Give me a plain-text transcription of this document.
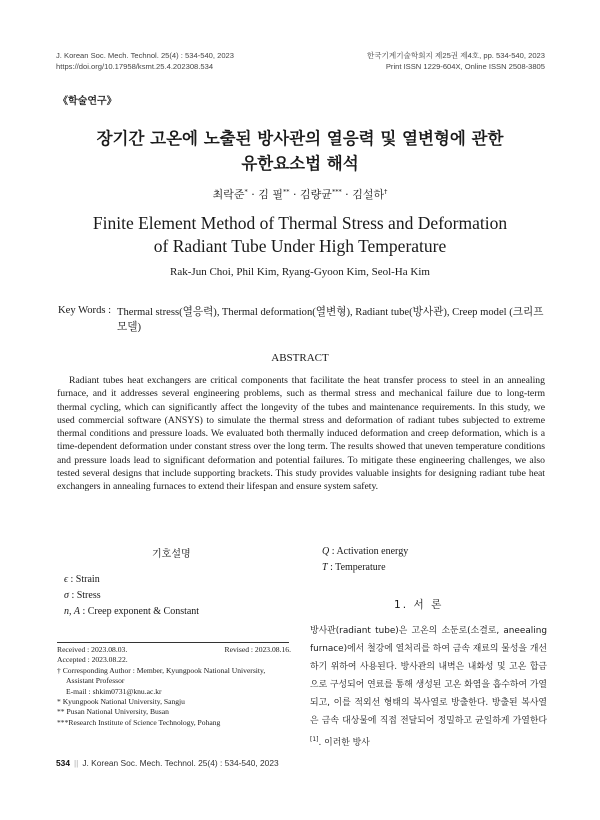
J. Korean Soc. Mech. Technol. 25(4) : 534-540, 2023
https://doi.org/10.17958/ksmt.25.4.202308.534
한국기계기술학회지 제25권 제4호, pp. 534-540, 2023
Print ISSN 1229-604X, Online ISSN 2508-3805
《학술연구》
장기간 고온에 노출된 방사관의 열응력 및 열변형에 관한
유한요소법 해석
최락준* · 김 필** · 김량균*** · 김설하†
Finite Element Method of Thermal Stress and Deformation
of Radiant Tube Under High Temperature
Rak-Jun Choi, Phil Kim, Ryang-Gyoon Kim, Seol-Ha Kim
Key Words : Thermal stress(열응력), Thermal deformation(열변형), Radiant tube(방사관), Creep model (크리프모델)
ABSTRACT
Radiant tubes heat exchangers are critical components that facilitate the heat transfer process to steel in an annealing furnace, and it addresses several engineering problems, such as thermal stress and mechanical failure due to long-term thermal cycling, which can significantly affect the longevity of the tubes and maintenance requirements. In this study, we used commercial software (ANSYS) to simulate the thermal stress and deformation of radiant tubes subjected to extreme thermal conditions and pressure loads. We evaluated both thermally induced deformation and creep deformation, which is a time-dependent deformation under constant stress over the long term. The results showed that uneven temperature conditions and pressure loads lead to significant deformation and potential failures. To mitigate these engineering challenges, we also tested several designs that include supporting brackets. This study provides valuable insights for designing radiant tube heat exchangers in annealing furnaces to extend their lifespan and ensure system safety.
기호설명
ϵ : Strain
σ : Stress
n, A : Creep exponent & Constant
Q : Activation energy
T : Temperature
Received : 2023.08.03.	Revised : 2023.08.16.
Accepted : 2023.08.22.
† Corresponding Author : Member, Kyungpook National University,
Assistant Professor
E-mail : shkim0731@knu.ac.kr
* Kyungpook National University, Sangju
** Pusan National University, Busan
***Research Institute of Science Technology, Pohang
1. 서 론
방사관(radiant tube)은 고온의 소둔로(소결로, aneealing furnace)에서 철강에 열처리를 하여 금속 재료의 물성을 개선하기 위하여 사용된다. 방사관의 내벽은 내화성 및 고온 합금으로 구성되어 연료를 통해 생성된 고온 화염을 흡수하여 가열되고, 이를 적외선 형태의 복사열로 방출한다. 방출된 복사열은 금속 대상물에 직접 전달되어 정밀하고 균일하게 가열한다[1]. 이러한 방사
534 || J. Korean Soc. Mech. Technol. 25(4) : 534-540, 2023
